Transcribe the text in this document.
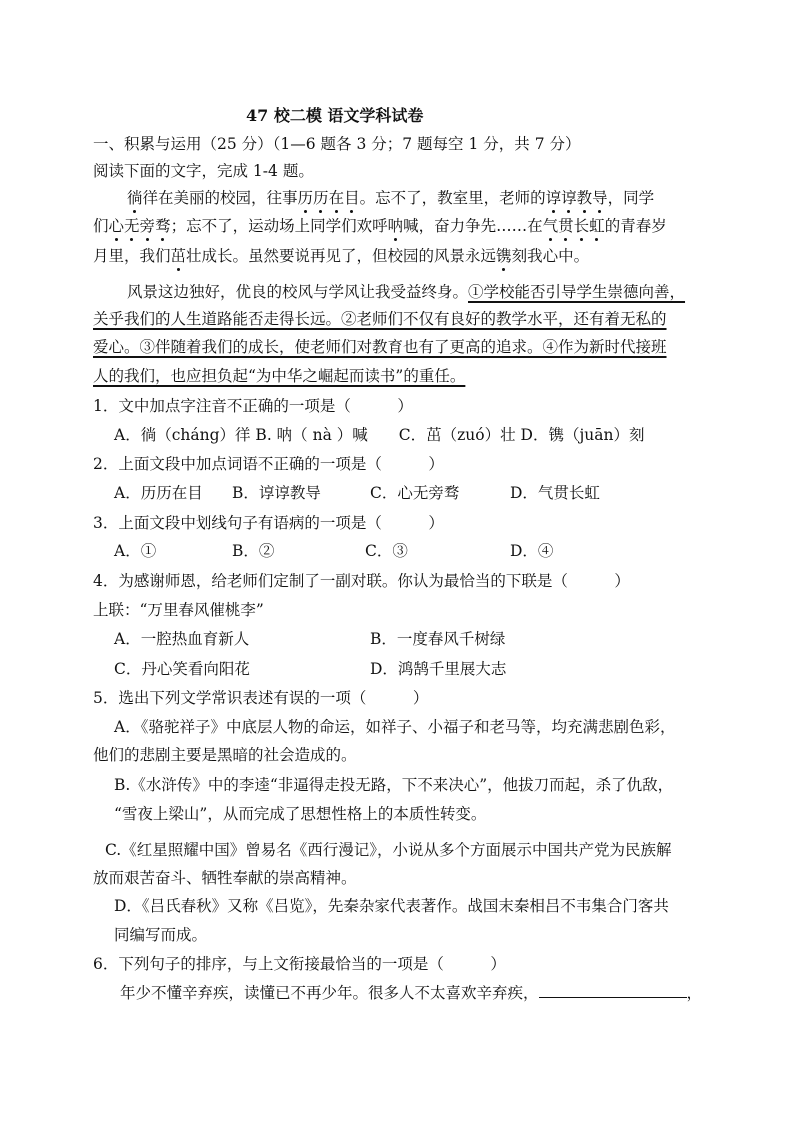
47 校二模 语文学科试卷
一、积累与运用（25 分）（1—6 题各 3 分；7 题每空 1 分，共 7 分）
阅读下面的文字，完成 1-4 题。
徜徉在美丽的校园，往事历历在目。忘不了，教室里，老师的谆谆教导，同学
们心无旁骛；忘不了，运动场上同学们欢呼呐喊，奋力争先……在气贯长虹的青春岁
月里，我们茁壮成长。虽然要说再见了，但校园的风景永远镌刻我心中。
风景这边独好，优良的校风与学风让我受益终身。①学校能否引导学生崇德向善，
关乎我们的人生道路能否走得长远。②老师们不仅有良好的教学水平，还有着无私的
爱心。③伴随着我们的成长，使老师们对教育也有了更高的追求。④作为新时代接班
人的我们，也应担负起“为中华之崛起而读书”的重任。
1．文中加点字注音不正确的一项是（　　　）
A．徜（cháng）徉 B. 呐（ nà ）喊　　C．茁（zuó）壮 D．镌（juān）刻
2．上面文段中加点词语不正确的一项是（　　　）
A．历历在目 B．谆谆教导	C．心无旁骛	D．气贯长虹
3．上面文段中划线句子有语病的一项是（　　　）
A．①	B．②	C．③	D．④
4．为感谢师恩，给老师们定制了一副对联。你认为最恰当的下联是（　　　）
上联：“万里春风催桃李”
A．一腔热血育新人	B．一度春风千树绿
C．丹心笑看向阳花	D．鸿鹄千里展大志
5．选出下列文学常识表述有误的一项（　　　）
A．《骆驼祥子》中底层人物的命运，如祥子、小福子和老马等，均充满悲剧色彩，
他们的悲剧主要是黑暗的社会造成的。
B.《水浒传》中的李逵“非逼得走投无路，下不来决心”，他拔刀而起，杀了仇敌，
“雪夜上梁山”，从而完成了思想性格上的本质性转变。
C.《红星照耀中国》曾易名《西行漫记》，小说从多个方面展示中国共产党为民族解
放而艰苦奋斗、牺牲奉献的崇高精神。
D．《吕氏春秋》又称《吕览》，先秦杂家代表著作。战国末秦相吕不韦集合门客共
同编写而成。
6．下列句子的排序，与上文衔接最恰当的一项是（　　　）
年少不懂辛弃疾，读懂已不再少年。很多人不太喜欢辛弃疾，	，
